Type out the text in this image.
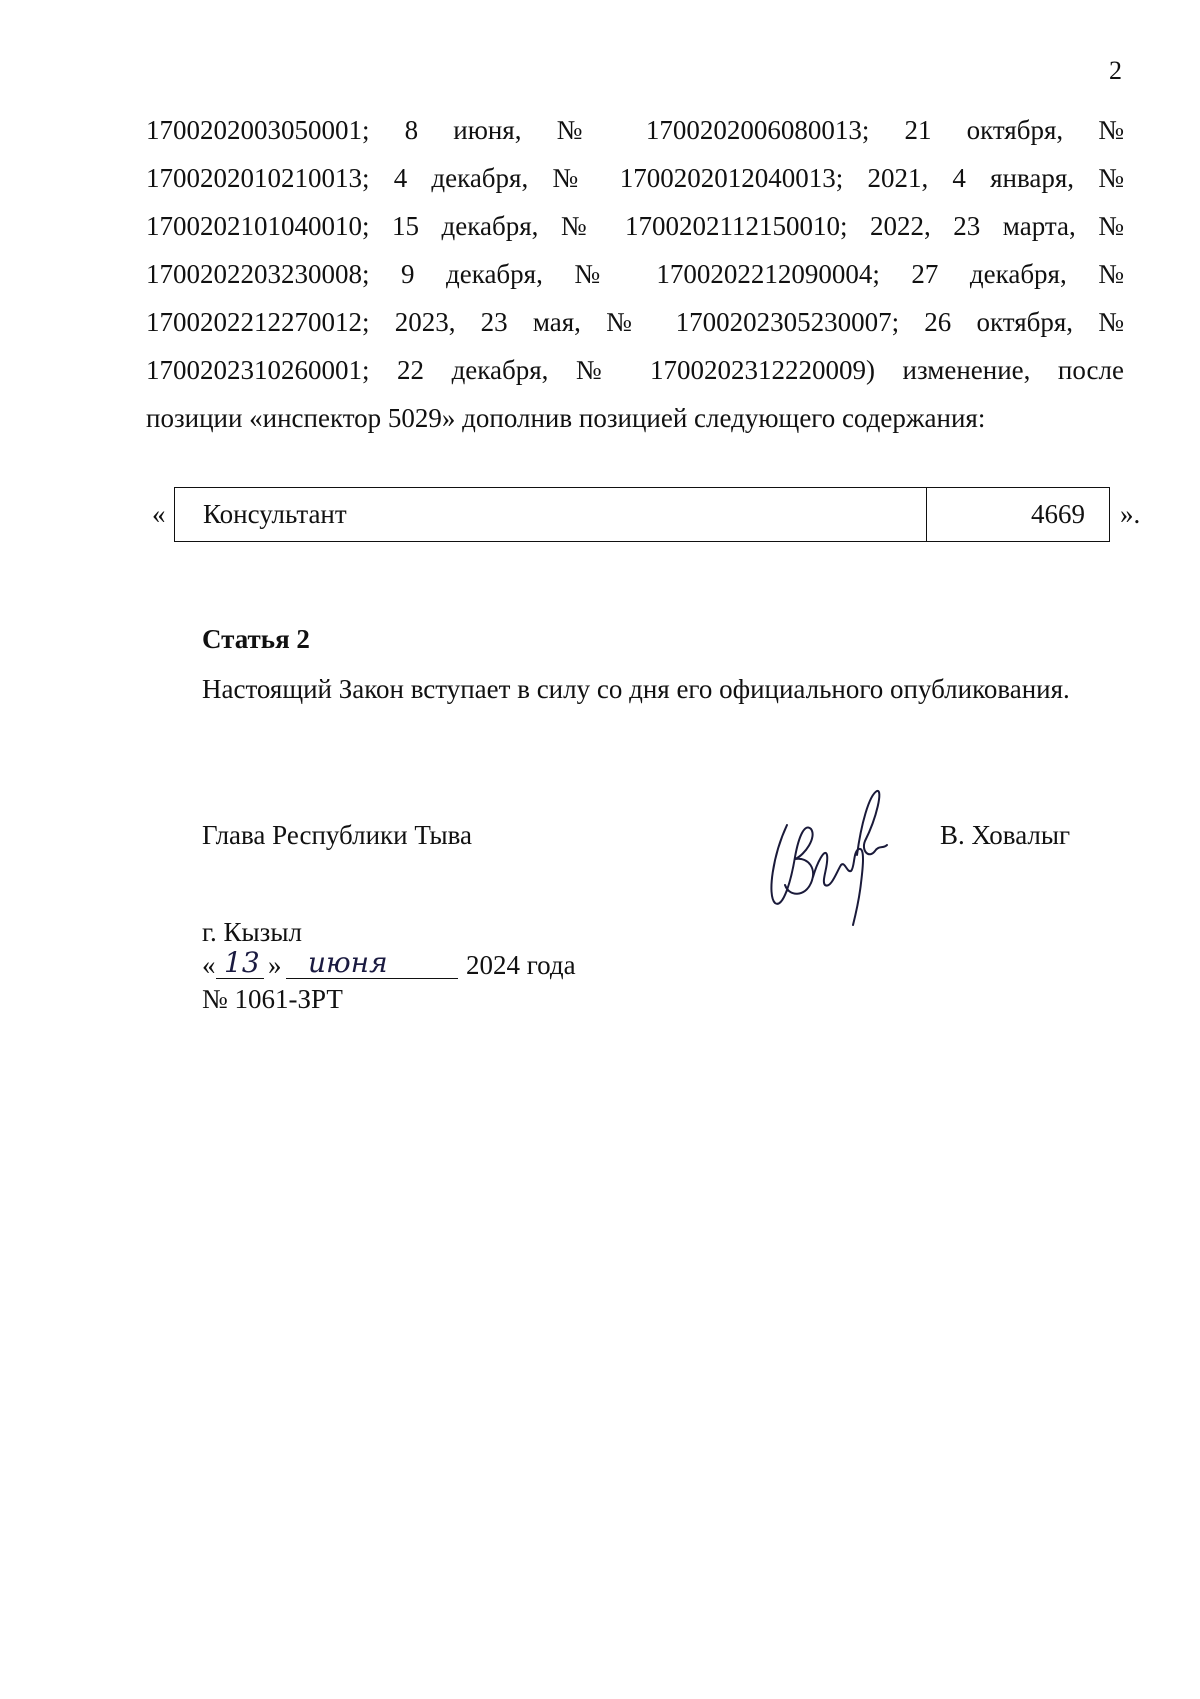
2
1700202003050001; 8 июня, № 1700202006080013; 21 октября, №
1700202010210013; 4 декабря, № 1700202012040013; 2021, 4 января, №
1700202101040010; 15 декабря, № 1700202112150010; 2022, 23 марта, №
1700202203230008; 9 декабря, № 1700202212090004; 27 декабря, №
1700202212270012; 2023, 23 мая, № 1700202305230007; 26 октября, №
1700202310260001; 22 декабря, № 1700202312220009) изменение, после
позиции «инспектор 5029» дополнив позицией следующего содержания:
«	Консультант	4669	».
Статья 2
Настоящий Закон вступает в силу со дня его официального опубликования.
Глава Республики Тыва	В. Ховалыг
г. Кызыл
« 13 » июня	2024 года
№ 1061-ЗРТ
